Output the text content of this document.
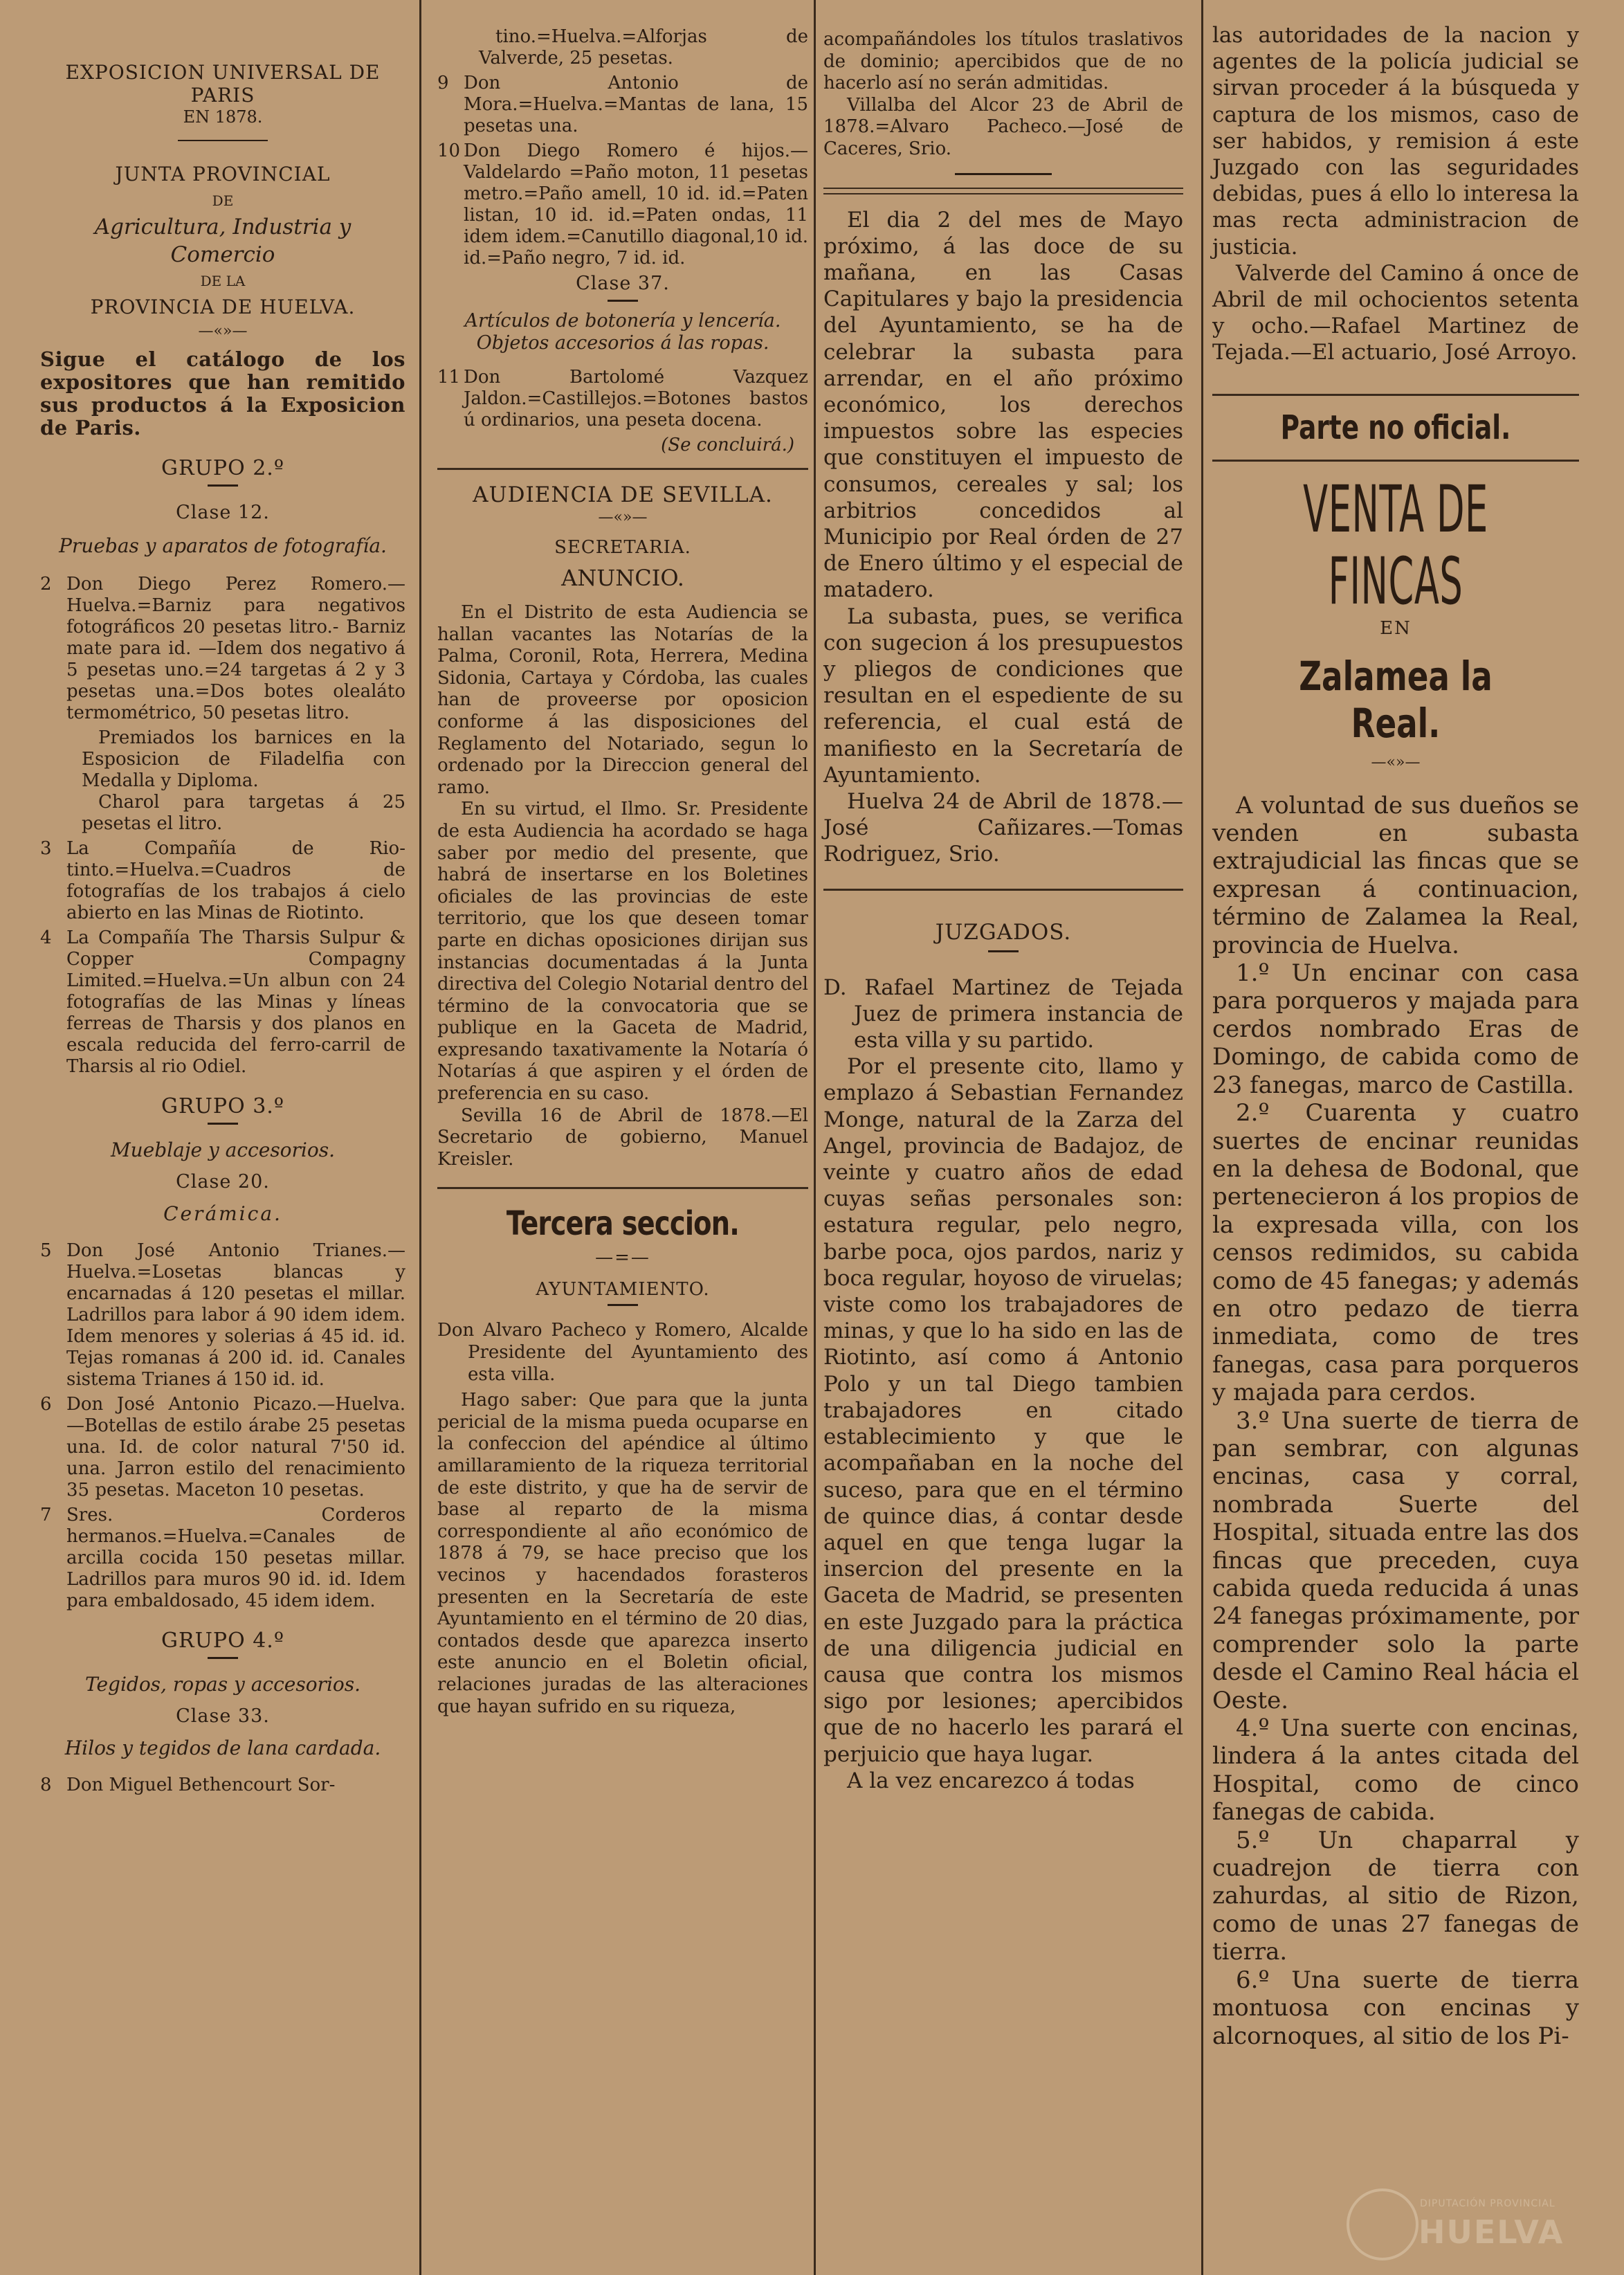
EXPOSICION UNIVERSAL DE PARIS

EN 1878.

JUNTA PROVINCIAL

DE

Agricultura, Industria y Comercio

DE LA

PROVINCIA DE HUELVA.

—«»—

Sigue el catálogo de los expositores que han remitido sus productos á la Exposicion de Paris.

GRUPO 2.º

Clase 12.

Pruebas y aparatos de fotografía.

2 Don Diego Perez Romero.—Huelva.=Barniz para negativos fotográficos 20 pesetas litro.- Barniz mate para id. —Idem dos negativo á 5 pesetas uno.=24 targetas á 2 y 3 pesetas una.=Dos botes olealáto termométrico, 50 pesetas litro.

Premiados los barnices en la Esposicion de Filadelfia con Medalla y Diploma.

Charol para targetas á 25 pesetas el litro.

3 La Compañía de Rio-tinto.=Huelva.=Cuadros de fotografías de los trabajos á cielo abierto en las Minas de Riotinto.
4 La Compañía The Tharsis Sulpur & Copper Compagny Limited.=Huelva.=Un albun con 24 fotografías de las Minas y líneas ferreas de Tharsis y dos planos en escala reducida del ferro-carril de Tharsis al rio Odiel.

GRUPO 3.º

Mueblaje y accesorios.

Clase 20.

Cerámica.

5 Don José Antonio Trianes.—Huelva.=Losetas blancas y encarnadas á 120 pesetas el millar. Ladrillos para labor á 90 idem idem. Idem menores y solerias á 45 id. id. Tejas romanas á 200 id. id. Canales sistema Trianes á 150 id. id.
6 Don José Antonio Picazo.—Huelva. —Botellas de estilo árabe 25 pesetas una. Id. de color natural 7'50 id. una. Jarron estilo del renacimiento 35 pesetas. Maceton 10 pesetas.
7 Sres. Corderos hermanos.=Huelva.=Canales de arcilla cocida 150 pesetas millar. Ladrillos para muros 90 id. id. Idem para embaldosado, 45 idem idem.

GRUPO 4.º

Tegidos, ropas y accesorios.

Clase 33.

Hilos y tegidos de lana cardada.

8 Don Miguel Bethencourt Sor-

tino.=Huelva.=Alforjas de Valverde, 25 pesetas.

9 Don Antonio de Mora.=Huelva.=Mantas de lana, 15 pesetas una.
10 Don Diego Romero é hijos.—Valdelardo =Paño moton, 11 pesetas metro.=Paño amell, 10 id. id.=Paten listan, 10 id. id.=Paten ondas, 11 idem idem.=Canutillo diagonal,10 id. id.=Paño negro, 7 id. id.

Clase 37.

Artículos de botonería y lencería. Objetos accesorios á las ropas.

11 Don Bartolomé Vazquez Jaldon.=Castillejos.=Botones bastos ú ordinarios, una peseta docena.

(Se concluirá.)

AUDIENCIA DE SEVILLA.

—«»—

SECRETARIA.

ANUNCIO.

En el Distrito de esta Audiencia se hallan vacantes las Notarías de la Palma, Coronil, Rota, Herrera, Medina Sidonia, Cartaya y Córdoba, las cuales han de proveerse por oposicion conforme á las disposiciones del Reglamento del Notariado, segun lo ordenado por la Direccion general del ramo.

En su virtud, el Ilmo. Sr. Presidente de esta Audiencia ha acordado se haga saber por medio del presente, que habrá de insertarse en los Boletines oficiales de las provincias de este territorio, que los que deseen tomar parte en dichas oposiciones dirijan sus instancias documentadas á la Junta directiva del Colegio Notarial dentro del término de la convocatoria que se publique en la Gaceta de Madrid, expresando taxativamente la Notaría ó Notarías á que aspiren y el órden de preferencia en su caso.

Sevilla 16 de Abril de 1878.—El Secretario de gobierno, Manuel Kreisler.

Tercera seccion.

—=—

AYUNTAMIENTO.

Don Alvaro Pacheco y Romero, Alcalde Presidente del Ayuntamiento des esta villa.

Hago saber: Que para que la junta pericial de la misma pueda ocuparse en la confeccion del apéndice al último amillaramiento de la riqueza territorial de este distrito, y que ha de servir de base al reparto de la misma correspondiente al año económico de 1878 á 79, se hace preciso que los vecinos y hacendados forasteros presenten en la Secretaría de este Ayuntamiento en el término de 20 dias, contados desde que aparezca inserto este anuncio en el Boletin oficial, relaciones juradas de las alteraciones que hayan sufrido en su riqueza,

acompañándoles los títulos traslativos de dominio; apercibidos que de no hacerlo así no serán admitidas.

Villalba del Alcor 23 de Abril de 1878.=Alvaro Pacheco.—José de Caceres, Srio.

El dia 2 del mes de Mayo próximo, á las doce de su mañana, en las Casas Capitulares y bajo la presidencia del Ayuntamiento, se ha de celebrar la subasta para arrendar, en el año próximo económico, los derechos impuestos sobre las especies que constituyen el impuesto de consumos, cereales y sal; los arbitrios concedidos al Municipio por Real órden de 27 de Enero último y el especial de matadero.

La subasta, pues, se verifica con sugecion á los presupuestos y pliegos de condiciones que resultan en el espediente de su referencia, el cual está de manifiesto en la Secretaría de Ayuntamiento.

Huelva 24 de Abril de 1878.—José Cañizares.—Tomas Rodriguez, Srio.

JUZGADOS.

D. Rafael Martinez de Tejada Juez de primera instancia de esta villa y su partido.

Por el presente cito, llamo y emplazo á Sebastian Fernandez Monge, natural de la Zarza del Angel, provincia de Badajoz, de veinte y cuatro años de edad cuyas señas personales son: estatura regular, pelo negro, barbe poca, ojos pardos, nariz y boca regular, hoyoso de viruelas; viste como los trabajadores de minas, y que lo ha sido en las de Riotinto, así como á Antonio Polo y un tal Diego tambien trabajadores en citado establecimiento y que le acompañaban en la noche del suceso, para que en el término de quince dias, á contar desde aquel en que tenga lugar la insercion del presente en la Gaceta de Madrid, se presenten en este Juzgado para la práctica de una diligencia judicial en causa que contra los mismos sigo por lesiones; apercibidos que de no hacerlo les parará el perjuicio que haya lugar.

A la vez encarezco á todas

las autoridades de la nacion y agentes de la policía judicial se sirvan proceder á la búsqueda y captura de los mismos, caso de ser habidos, y remision á este Juzgado con las seguridades debidas, pues á ello lo interesa la mas recta administracion de justicia.

Valverde del Camino á once de Abril de mil ochocientos setenta y ocho.—Rafael Martinez de Tejada.—El actuario, José Arroyo.

Parte no oficial.

VENTA DE FINCAS

EN

Zalamea la Real.

—«»—

A voluntad de sus dueños se venden en subasta extrajudicial las fincas que se expresan á continuacion, término de Zalamea la Real, provincia de Huelva.

1.º Un encinar con casa para porqueros y majada para cerdos nombrado Eras de Domingo, de cabida como de 23 fanegas, marco de Castilla.

2.º Cuarenta y cuatro suertes de encinar reunidas en la dehesa de Bodonal, que pertenecieron á los propios de la expresada villa, con los censos redimidos, su cabida como de 45 fanegas; y además en otro pedazo de tierra inmediata, como de tres fanegas, casa para porqueros y majada para cerdos.

3.º Una suerte de tierra de pan sembrar, con algunas encinas, casa y corral, nombrada Suerte del Hospital, situada entre las dos fincas que preceden, cuya cabida queda reducida á unas 24 fanegas próximamente, por comprender solo la parte desde el Camino Real hácia el Oeste.

4.º Una suerte con encinas, lindera á la antes citada del Hospital, como de cinco fanegas de cabida.

5.º Un chaparral y cuadrejon de tierra con zahurdas, al sitio de Rizon, como de unas 27 fanegas de tierra.

6.º Una suerte de tierra montuosa con encinas y alcornoques, al sitio de los Pi-

DIPUTACIÓN PROVINCIAL
HUELVA
